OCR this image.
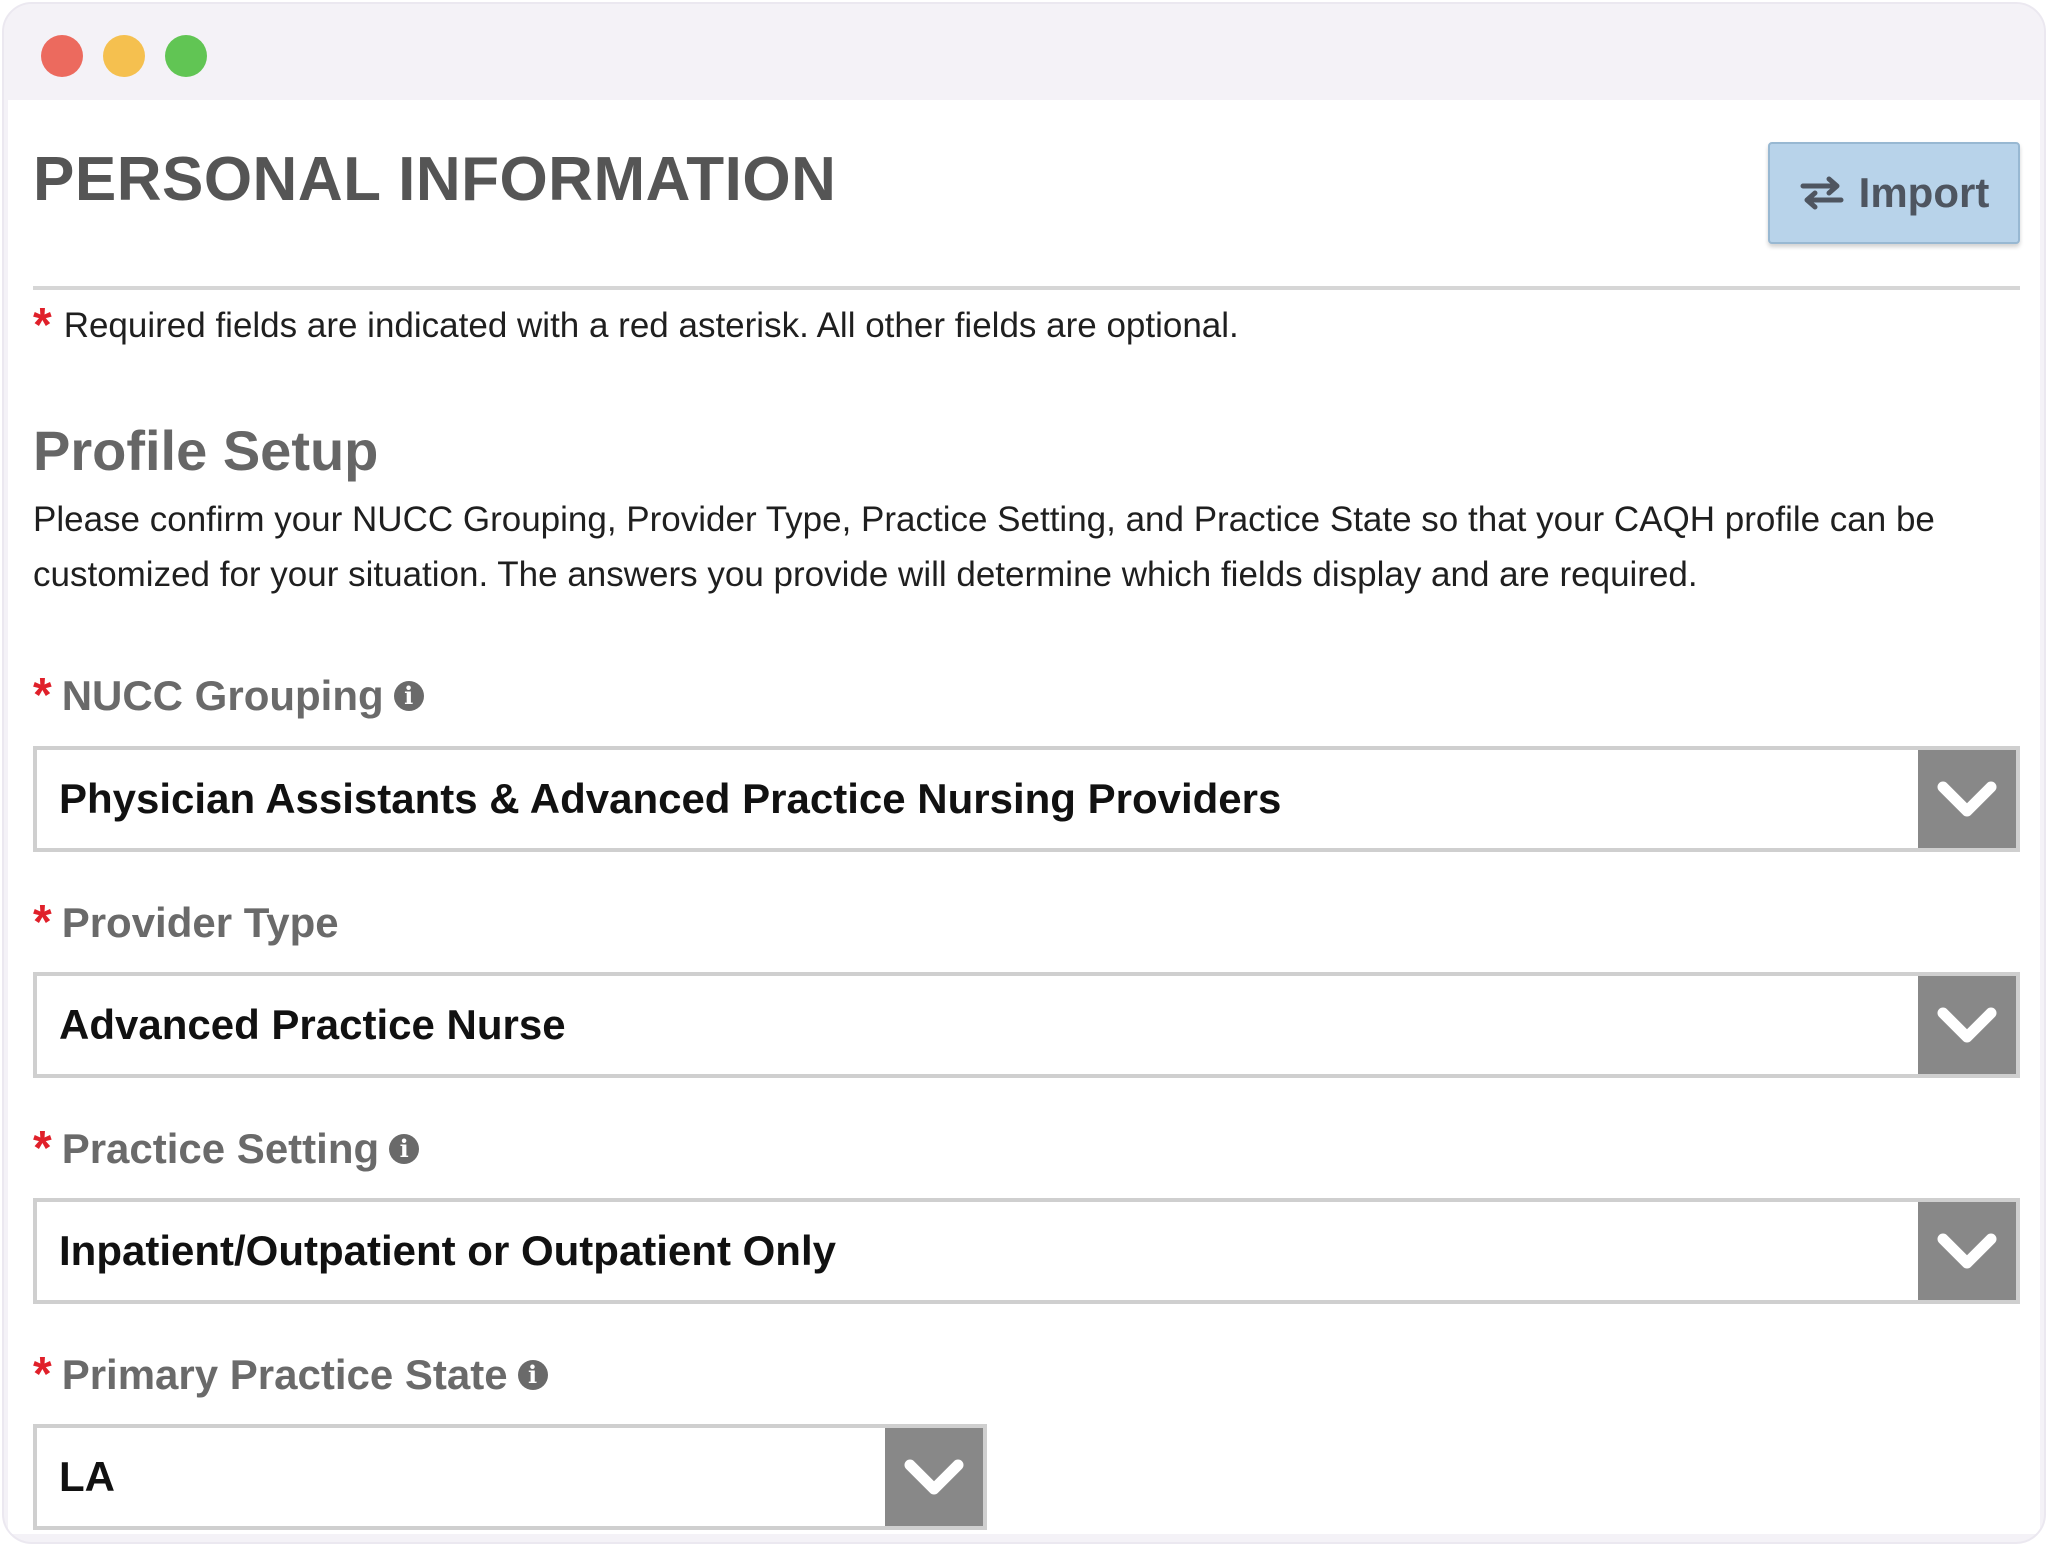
PERSONAL INFORMATION	Import
* Required fields are indicated with a red asterisk. All other fields are optional.
Profile Setup

Please confirm your NUCC Grouping, Provider Type, Practice Setting, and Practice State so that your CAQH profile can be customized for your situation. The answers you provide will determine which fields display and are required.

* NUCC Grouping i
Physician Assistants & Advanced Practice Nursing Providers
* Provider Type
Advanced Practice Nurse
* Practice Setting i
Inpatient/Outpatient or Outpatient Only
* Primary Practice State i
LA
